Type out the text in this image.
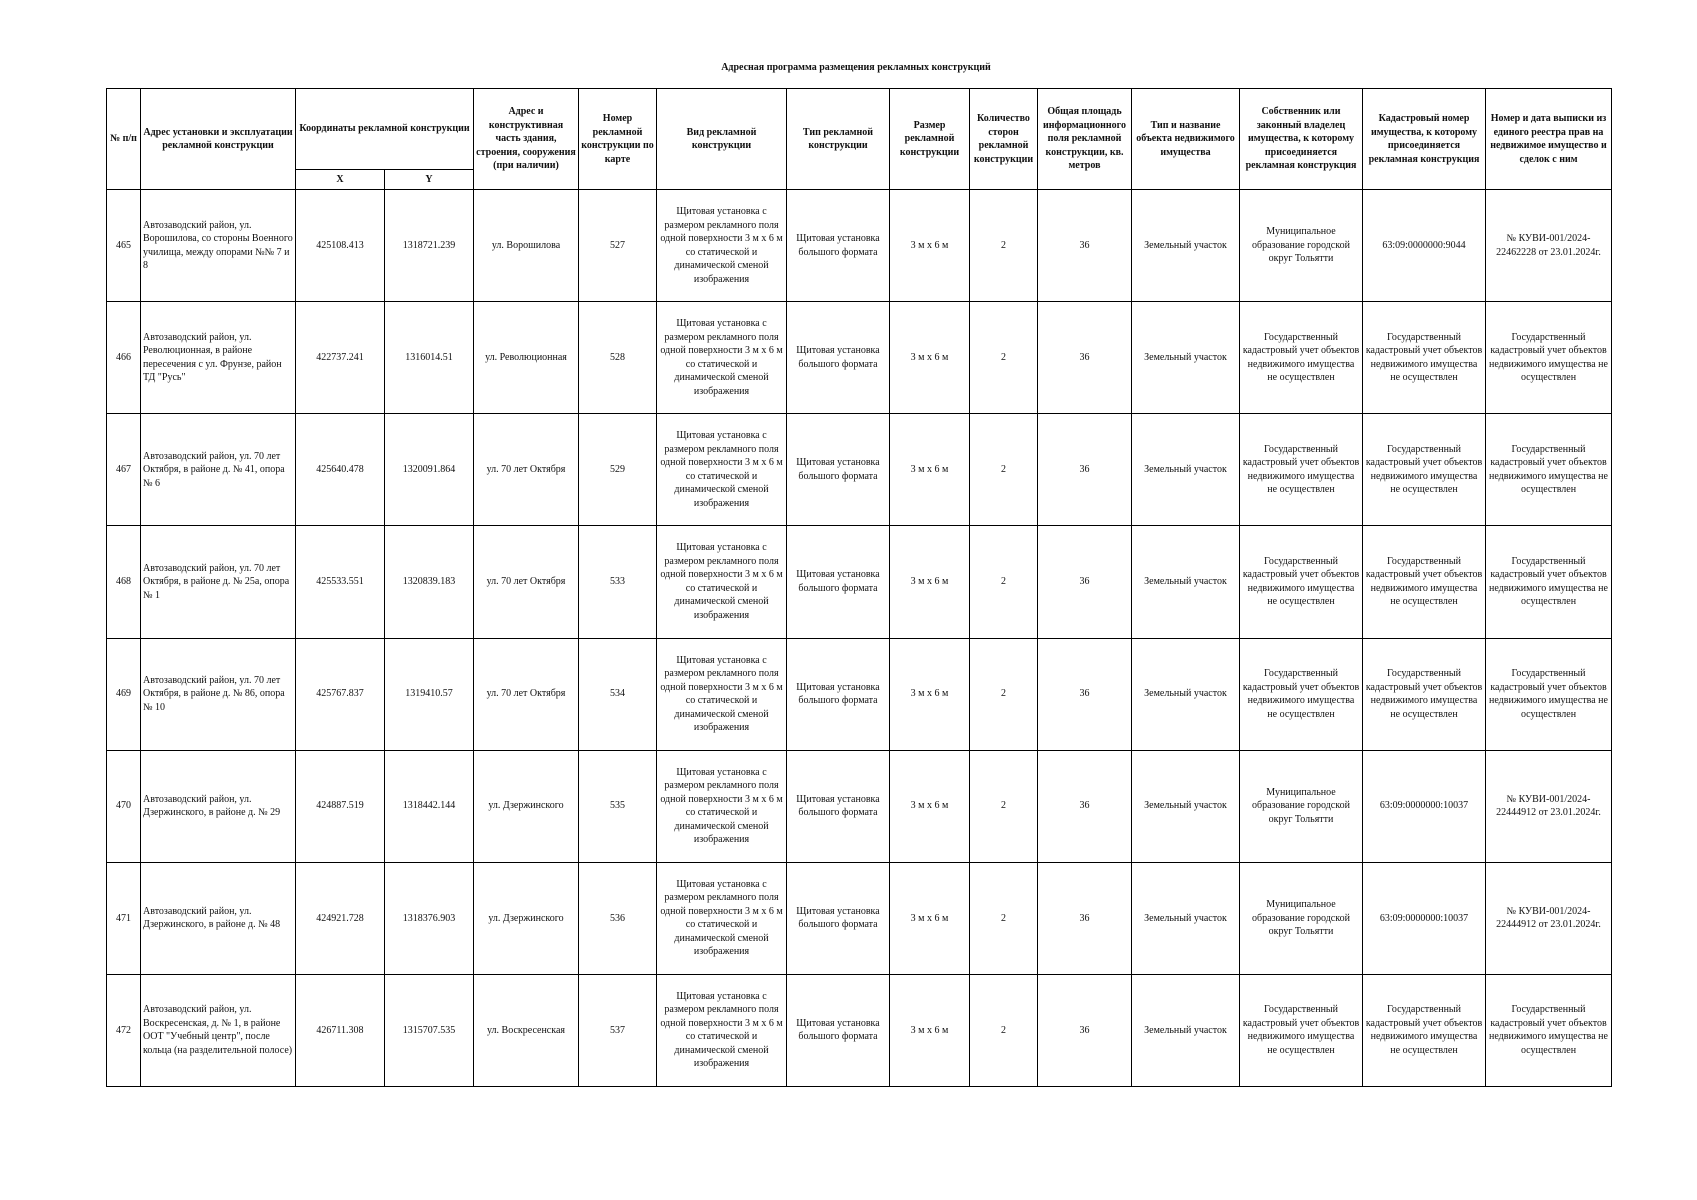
Адресная программа размещения рекламных конструкций
№ п/п	Адрес установки и эксплуатации рекламной конструкции	Координаты рекламной конструкции		Адрес и конструктивная часть здания, строения, сооружения (при наличии)	Номер рекламной конструкции по карте	Вид рекламной конструкции	Тип рекламной конструкции	Размер рекламной конструкции	Количество сторон рекламной конструкции	Общая площадь информационного поля рекламной конструкции, кв. метров	Тип и название объекта недвижимого имущества	Собственник или законный владелец имущества, к которому присоединяется рекламная конструкция	Кадастровый номер имущества, к которому присоединяется рекламная конструкция	Номер и дата выписки из единого реестра прав на недвижимое имущество и сделок с ним
		X	Y											
465	Автозаводский район, ул. Ворошилова, со стороны Военного училища, между опорами №№ 7 и 8	425108.413	1318721.239	ул. Ворошилова	527	Щитовая установка с размером рекламного поля одной поверхности 3 м х 6 м со статической и динамической сменой изображения	Щитовая установка большого формата	3 м х 6 м	2	36	Земельный участок	Муниципальное образование городской округ Тольятти	63:09:0000000:9044	№ КУВИ-001/2024-22462228 от 23.01.2024г.
466	Автозаводский район, ул. Революционная, в районе пересечения с ул. Фрунзе, район ТД "Русь"	422737.241	1316014.51	ул. Революционная	528	Щитовая установка с размером рекламного поля одной поверхности 3 м х 6 м со статической и динамической сменой изображения	Щитовая установка большого формата	3 м х 6 м	2	36	Земельный участок	Государственный кадастровый учет объектов недвижимого имущества не осуществлен	Государственный кадастровый учет объектов недвижимого имущества не осуществлен	Государственный кадастровый учет объектов недвижимого имущества не осуществлен
467	Автозаводский район, ул. 70 лет Октября, в районе д. № 41, опора № 6	425640.478	1320091.864	ул. 70 лет Октября	529	Щитовая установка с размером рекламного поля одной поверхности 3 м х 6 м со статической и динамической сменой изображения	Щитовая установка большого формата	3 м х 6 м	2	36	Земельный участок	Государственный кадастровый учет объектов недвижимого имущества не осуществлен	Государственный кадастровый учет объектов недвижимого имущества не осуществлен	Государственный кадастровый учет объектов недвижимого имущества не осуществлен
468	Автозаводский район, ул. 70 лет Октября, в районе д. № 25а, опора № 1	425533.551	1320839.183	ул. 70 лет Октября	533	Щитовая установка с размером рекламного поля одной поверхности 3 м х 6 м со статической и динамической сменой изображения	Щитовая установка большого формата	3 м х 6 м	2	36	Земельный участок	Государственный кадастровый учет объектов недвижимого имущества не осуществлен	Государственный кадастровый учет объектов недвижимого имущества не осуществлен	Государственный кадастровый учет объектов недвижимого имущества не осуществлен
469	Автозаводский район, ул. 70 лет Октября, в районе д. № 86, опора № 10	425767.837	1319410.57	ул. 70 лет Октября	534	Щитовая установка с размером рекламного поля одной поверхности 3 м х 6 м со статической и динамической сменой изображения	Щитовая установка большого формата	3 м х 6 м	2	36	Земельный участок	Государственный кадастровый учет объектов недвижимого имущества не осуществлен	Государственный кадастровый учет объектов недвижимого имущества не осуществлен	Государственный кадастровый учет объектов недвижимого имущества не осуществлен
470	Автозаводский район, ул. Дзержинского, в районе д. № 29	424887.519	1318442.144	ул. Дзержинского	535	Щитовая установка с размером рекламного поля одной поверхности 3 м х 6 м со статической и динамической сменой изображения	Щитовая установка большого формата	3 м х 6 м	2	36	Земельный участок	Муниципальное образование городской округ Тольятти	63:09:0000000:10037	№ КУВИ-001/2024-22444912 от 23.01.2024г.
471	Автозаводский район, ул. Дзержинского, в районе д. № 48	424921.728	1318376.903	ул. Дзержинского	536	Щитовая установка с размером рекламного поля одной поверхности 3 м х 6 м со статической и динамической сменой изображения	Щитовая установка большого формата	3 м х 6 м	2	36	Земельный участок	Муниципальное образование городской округ Тольятти	63:09:0000000:10037	№ КУВИ-001/2024-22444912 от 23.01.2024г.
472	Автозаводский район, ул. Воскресенская, д. № 1, в районе ООТ "Учебный центр", после кольца (на разделительной полосе)	426711.308	1315707.535	ул. Воскресенская	537	Щитовая установка с размером рекламного поля одной поверхности 3 м х 6 м со статической и динамической сменой изображения	Щитовая установка большого формата	3 м х 6 м	2	36	Земельный участок	Государственный кадастровый учет объектов недвижимого имущества не осуществлен	Государственный кадастровый учет объектов недвижимого имущества не осуществлен	Государственный кадастровый учет объектов недвижимого имущества не осуществлен
